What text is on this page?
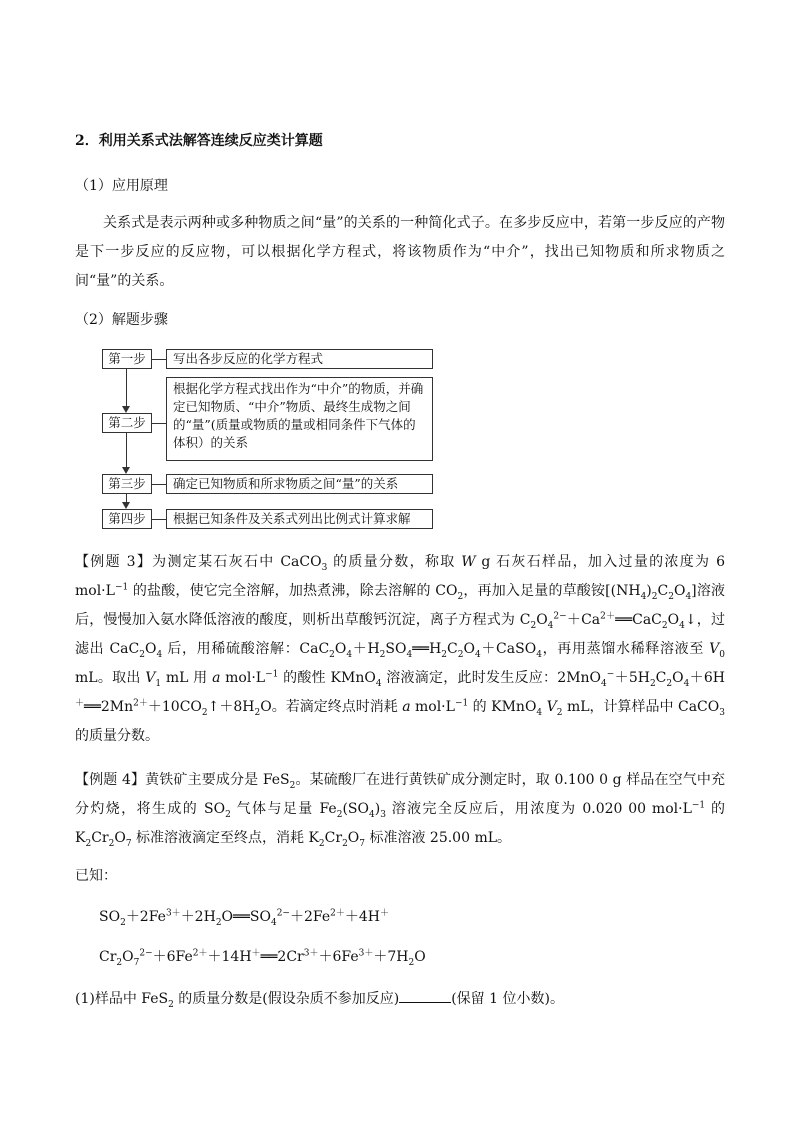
2．利用关系式法解答连续反应类计算题
（1）应用原理
关系式是表示两种或多种物质之间“量”的关系的一种简化式子。在多步反应中，若第一步反应的产物是下一步反应的反应物，可以根据化学方程式，将该物质作为“中介”，找出已知物质和所求物质之间“量”的关系。
（2）解题步骤
第一步	写出各步反应的化学方程式
第二步
根据化学方程式找出作为“中介”的物质，并确定已知物质、“中介”物质、最终生成物之间的“量”(质量或物质的量或相同条件下气体的体积）的关系
第三步	确定已知物质和所求物质之间“量”的关系
第四步	根据已知条件及关系式列出比例式计算求解
【例题 3】为测定某石灰石中 CaCO$_3$ 的质量分数，称取 W g 石灰石样品，加入过量的浓度为 6 $mol\cdot L^{-1}$ 的盐酸，使它完全溶解，加热煮沸，除去溶解的 $CO_2$，再加入足量的草酸铵$[(NH_4)_2C_2O_4]$溶液后，慢慢加入氨水降低溶液的酸度，则析出草酸钙沉淀，离子方程式为 $C_2O_4^{2-}+Ca^{2+}══CaC_2O_4↓$，过滤出 $CaC_2O_4$ 后，用稀硫酸溶解：$CaC_2O_4+H_2SO_4══H_2C_2O_4+CaSO_4$，再用蒸馏水稀释溶液至 $V_0$ mL。取出 $V_1$ mL 用 a $mol\cdot L^{-1}$ 的酸性 KMnO$_4$ 溶液滴定，此时发生反应：$2MnO_4^-+5H_2C_2O_4+6H^+══2Mn^{2+}+10CO_2↑+8H_2O$。若滴定终点时消耗 a $mol\cdot L^{-1}$ 的 KMnO$_4$ $V_2$ mL，计算样品中 CaCO$_3$ 的质量分数。
【例题 4】黄铁矿主要成分是 FeS$_2$。某硫酸厂在进行黄铁矿成分测定时，取 0.100 0 g 样品在空气中充分灼烧，将生成的 $SO_2$ 气体与足量 $Fe_2(SO_4)_3$ 溶液完全反应后，用浓度为 0.020 00 $mol\cdot L^{-1}$ 的 $K_2Cr_2O_7$ 标准溶液滴定至终点，消耗 $K_2Cr_2O_7$ 标准溶液 25.00 mL。
已知：
$SO_2+2Fe^{3+}+2H_2O══SO_4^{2-}+2Fe^{2+}+4H^+$
$Cr_2O_7^{2-}+6Fe^{2+}+14H^+══2Cr^{3+}+6Fe^{3+}+7H_2O$
(1)样品中 FeS$_2$ 的质量分数是(假设杂质不参加反应)	(保留 1 位小数)。
